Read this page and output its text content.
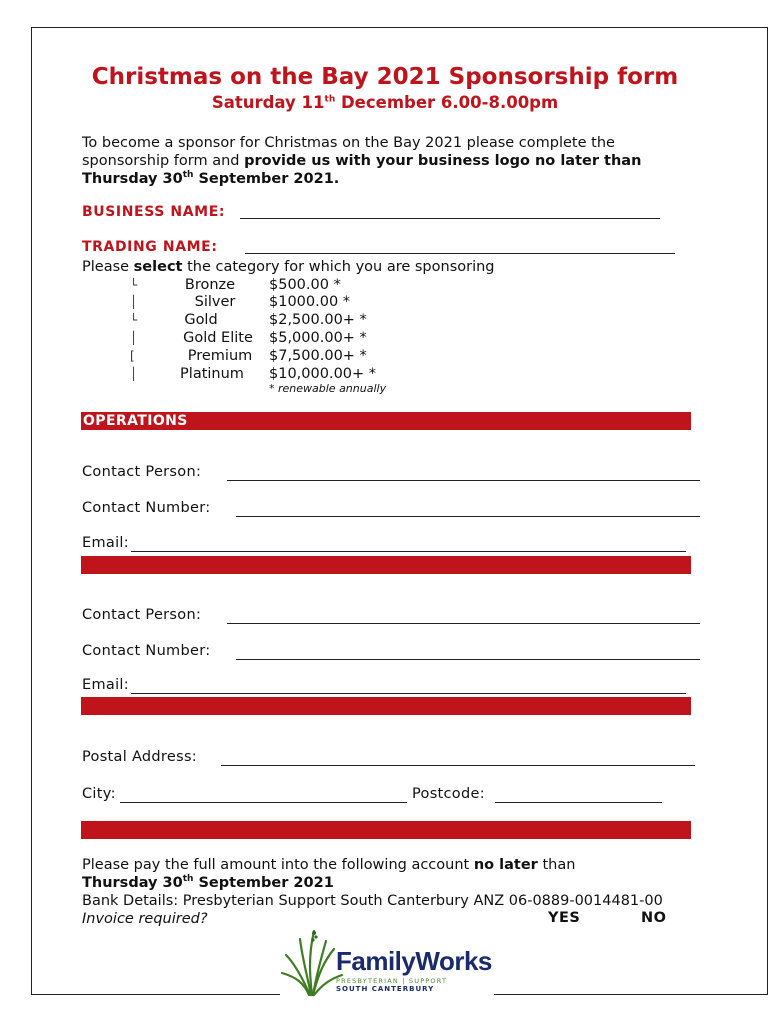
Christmas on the Bay 2021 Sponsorship form
Saturday 11th December 6.00-8.00pm
To become a sponsor for Christmas on the Bay 2021 please complete the
sponsorship form and provide us with your business logo no later than
Thursday 30th September 2021.
BUSINESS NAME:
TRADING NAME:
Please select the category for which you are sponsoring
└	Bronze	$500.00 *
│	Silver	$1000.00 *
└	Gold	$2,500.00+ *
│	Gold Elite	$5,000.00+ *
[	Premium	$7,500.00+ *
│	Platinum	$10,000.00+ *
* renewable annually
OPERATIONS
Contact Person:
Contact Number:
Email:
Contact Person:
Contact Number:
Email:
Postal Address:
City:	Postcode:
Please pay the full amount into the following account no later than
Thursday 30th September 2021
Bank Details: Presbyterian Support South Canterbury ANZ 06-0889-0014481-00
Invoice required?	YES	NO
FamilyWorks
PRESBYTERIAN | SUPPORT
SOUTH CANTERBURY
